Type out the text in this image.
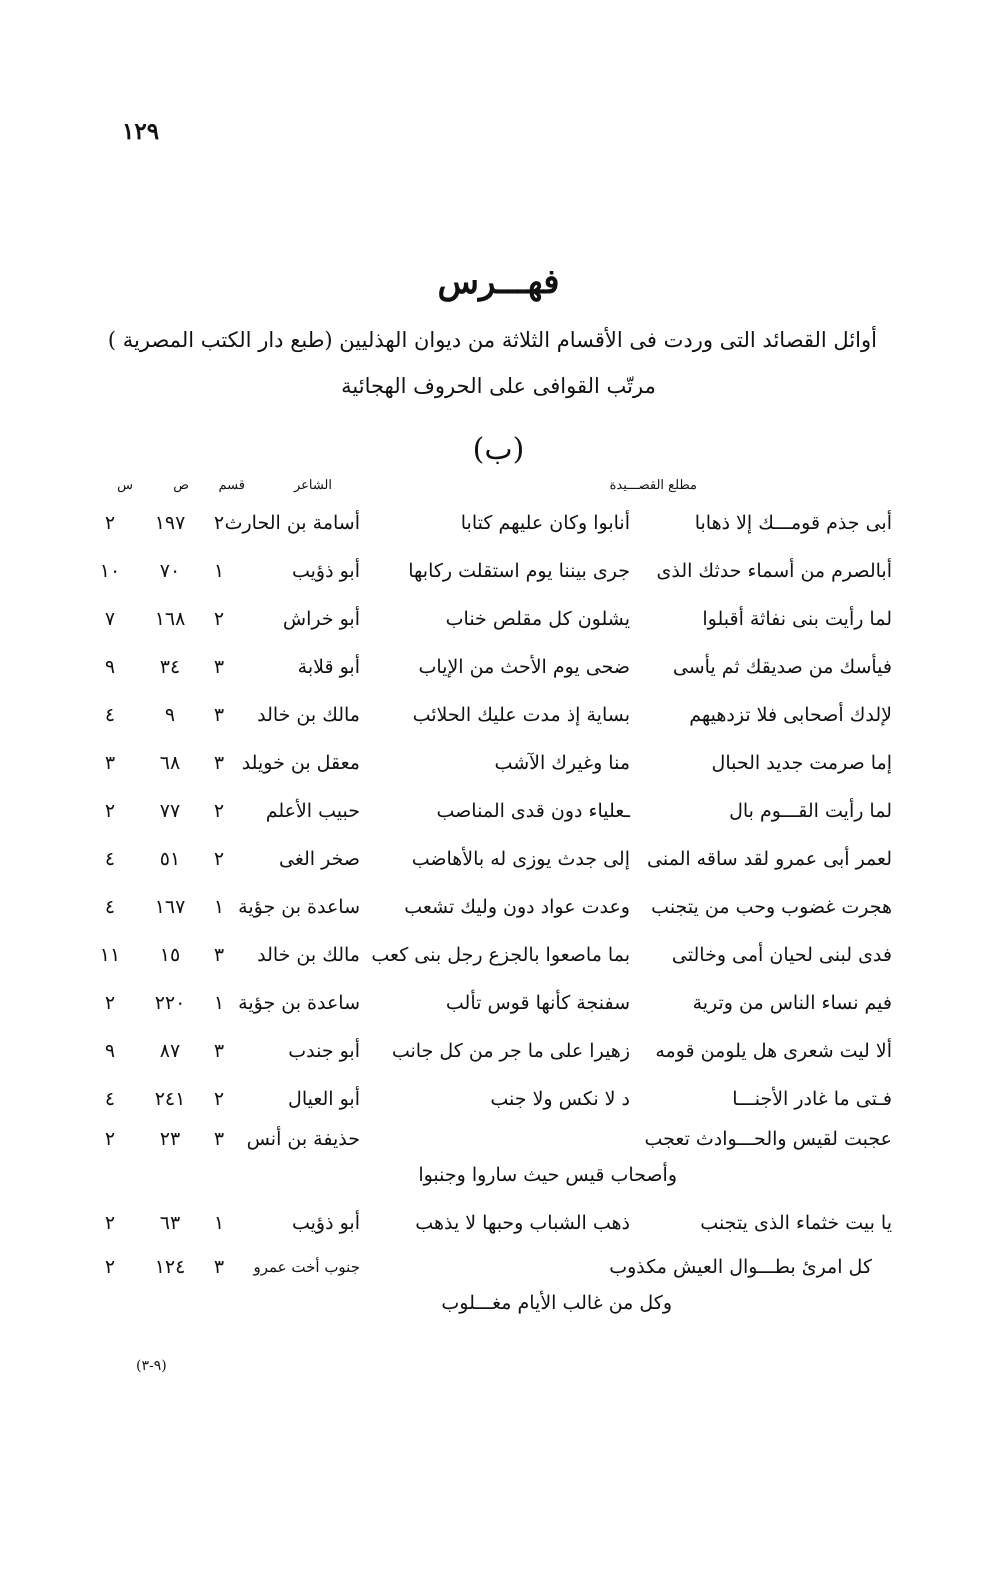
١٢٩
فهـــرس
أوائل القصائد التى وردت فى الأقسام الثلاثة من ديوان الهذليين (طبع دار الكتب المصرية )
مرتّب القوافى على الحروف الهجائية
(ب)
مطلع القصـــيدة
الشاعر
قسم
ص
س
أبى جذم قومـــك إلا ذهابا
أنابوا وكان عليهم كتابا
أسامة بن الحارث
٢
١٩٧
٢
أبالصرم من أسماء حدثك الذى
جرى بيننا يوم استقلت ركابها
أبو ذؤيب
١
٧٠
١٠
لما رأيت بنى نفاثة أقبلوا
يشلون كل مقلص خناب
أبو خراش
٢
١٦٨
٧
فيأسك من صديقك ثم يأسى
ضحى يوم الأحث من الإياب
أبو قلابة
٣
٣٤
٩
لإلدك أصحابى فلا تزدهيهم
بساية إذ مدت عليك الحلائب
مالك بن خالد
٣
٩
٤
إما صرمت جديد الحبال
منا وغيرك الآشب
معقل بن خويلد
٣
٦٨
٣
لما رأيت القـــوم بال
ـعلياء دون قدى المناصب
حبيب الأعلم
٢
٧٧
٢
لعمر أبى عمرو لقد ساقه المنى
إلى جدث يوزى له بالأهاضب
صخر الغى
٢
٥١
٤
هجرت غضوب وحب من يتجنب
وعدت عواد دون وليك تشعب
ساعدة بن جؤية
١
١٦٧
٤
فدى لبنى لحيان أمى وخالتى
بما ماصعوا بالجزع رجل بنى كعب
مالك بن خالد
٣
١٥
١١
فيم نساء الناس من وترية
سفنجة كأنها قوس تألب
ساعدة بن جؤية
١
٢٢٠
٢
ألا ليت شعرى هل يلومن قومه
زهيرا على ما جر من كل جانب
أبو جندب
٣
٨٧
٩
فـتى ما غادر الأجنـــا
د لا نكس ولا جنب
أبو العيال
٢
٢٤١
٤
عجبت لقيس والحـــوادث تعجب
حذيفة بن أنس
٣
٢٣
٢
وأصحاب قيس حيث ساروا وجنبوا
يا بيت خثماء الذى يتجنب
ذهب الشباب وحبها لا يذهب
أبو ذؤيب
١
٦٣
٢
كل امرئ بطـــوال العيش مكذوب
جنوب أخت عمرو
٣
١٢٤
٢
وكل من غالب الأيام مغـــلوب
(٩-٣)
